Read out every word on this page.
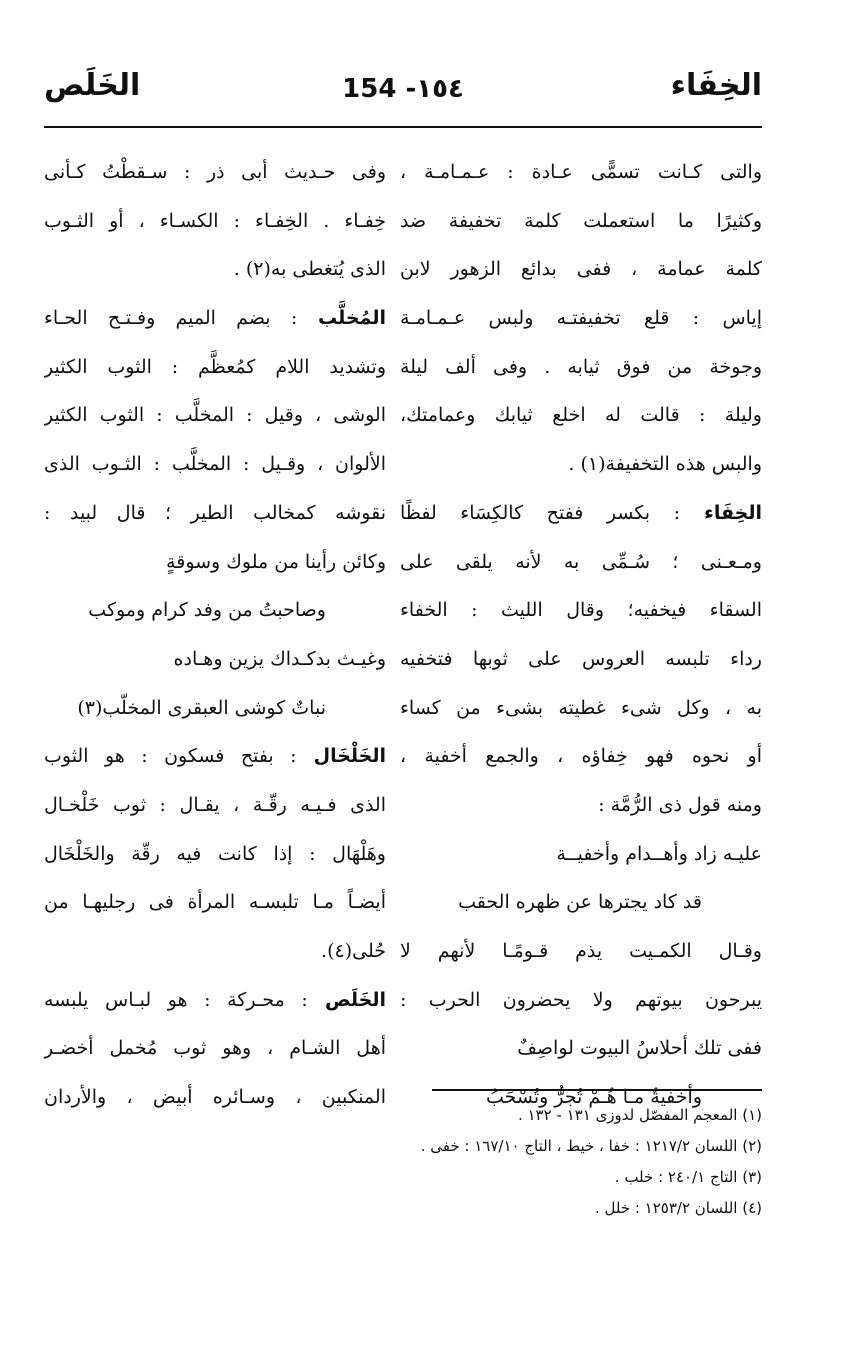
الخِفَاء
154 -١٥٤
الخَلَص
والتى كـانت تسمًّى عـادة : عـمـامـة ،
وكثيرًا ما استعملت كلمة تخفيفة ضد
كلمة عمامة ، ففى بدائع الزهور لابن
إياس : قلع تخفيفتـه ولبس عـمـامـة
وجوخة من فوق ثيابه . وفى ألف ليلة
وليلة : قالت له اخلع ثيابك وعمامتك،
والبس هذه التخفيفة(١) .
الخِفَاء : بكسر ففتح كالكِسَاء لفظًا
ومـعـنى ؛ سُـمِّى به لأنه يلقى على
السقاء فيخفيه؛ وقال الليث : الخفاء
رداء تلبسه العروس على ثوبها فتخفيه
به ، وكل شىء غطيته بشىء من كساء
أو نحوه فهو خِفاؤه ، والجمع أخفية ،
ومنه قول ذى الرُّمَّة :
عليـه زاد وأهــدام وأخفيــة
قد كاد يجترها عن ظهره الحقب
وقـال الكمـيت يذم قـومًـا لأنهم لا
يبرحون بيوتهم ولا يحضرون الحرب :
ففى تلك أحلاسُ البيوت لواصِفٌ
وأخفيةٌ مـا هُـمْ تُجرُّ وتُسْحَبُ
وفى حـديث أبى ذر : سـقطْتُ كـأنى
خِفـاء . الخِفـاء : الكسـاء ، أو الثـوب
الذى يُتغطى به(٢) .
المُخلَّب : بضم الميم وفـتـح الحـاء
وتشديد اللام كمُعظَّم : الثوب الكثير
الوشى ، وقيل : المخلَّب : الثوب الكثير
الألوان ، وقـيل : المخلَّب : الثـوب الذى
نقوشه كمخالب الطير ؛ قال لبيد :
وكائن رأينا من ملوك وسوقةٍ
وصاحبتُ من وفد كرام وموكب
وغيـث بدكـداك يزين وهـاده
نباتٌ كوشى العبقرى المخلّب(٣)
الخَلْخَال : بفتح فسكون : هو الثوب
الذى فـيـه رقّـة ، يقـال : ثوب خَلْخـال
وهَلْهَال : إذا كانت فيه رقّة والخَلْخَال
أيضـاً مـا تلبسـه المرأة فى رجليهـا من
حُلى(٤).
الخَلَص : محـركة : هو لبـاس يلبسه
أهل الشـام ، وهو ثوب مُخمل أخضـر
المنكبين ، وسـائره أبيض ، والأردان
(١) المعجم المفصّل لدوزى ١٣١ - ١٣٢ .
(٢) اللسان ١٢١٧/٢ : خفا ، خيط ، التاج ١٦٧/١٠ : خفى .
(٣) التاج ٢٤٠/١ : خلب .
(٤) اللسان ١٢٥٣/٢ : خلل .
